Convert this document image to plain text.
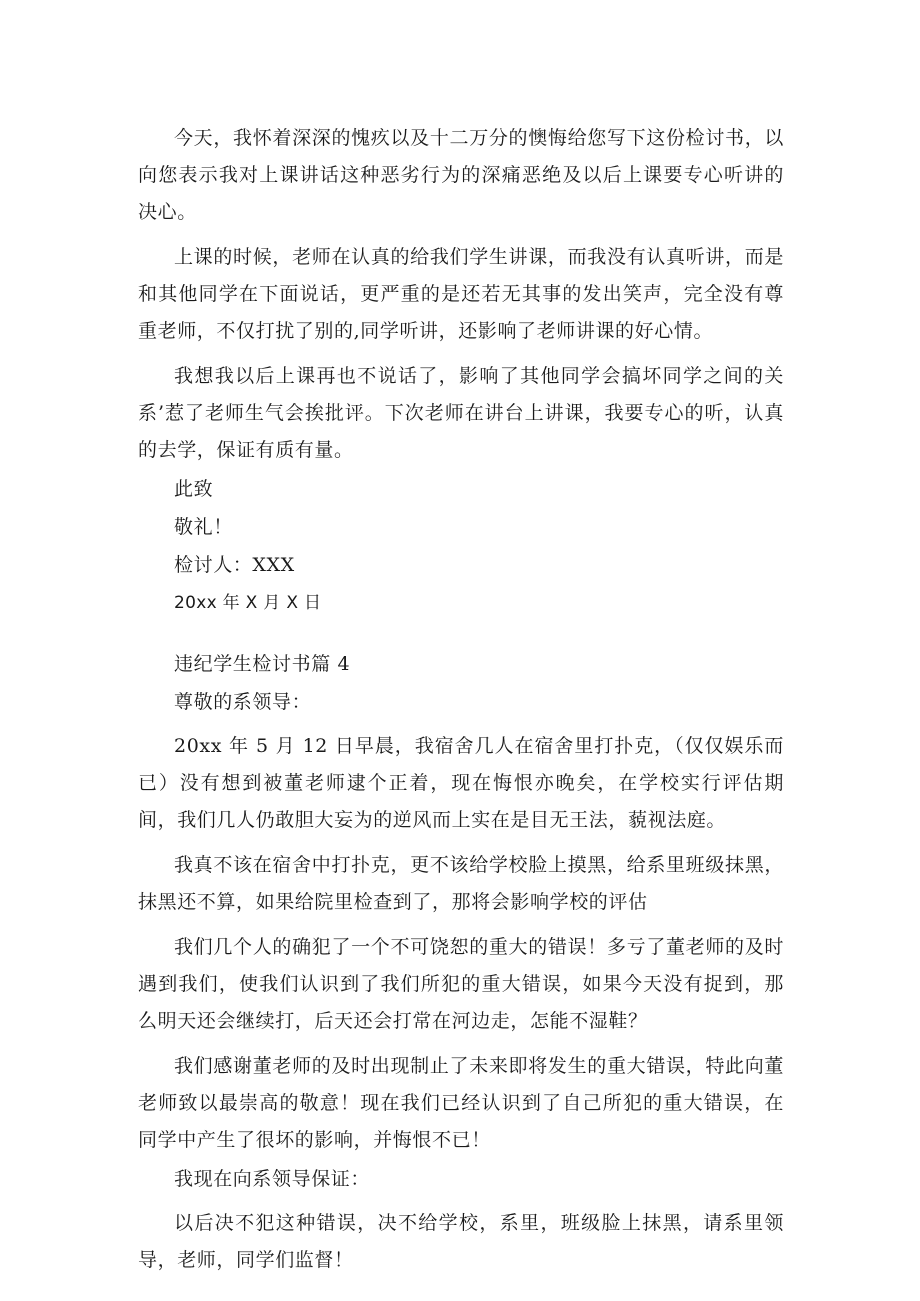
今天，我怀着深深的愧疚以及十二万分的懊悔给您写下这份检讨书，以向您表示我对上课讲话这种恶劣行为的深痛恶绝及以后上课要专心听讲的决心。

上课的时候，老师在认真的给我们学生讲课，而我没有认真听讲，而是和其他同学在下面说话，更严重的是还若无其事的发出笑声，完全没有尊重老师，不仅打扰了别的,同学听讲，还影响了老师讲课的好心情。

我想我以后上课再也不说话了，影响了其他同学会搞坏同学之间的关系’惹了老师生气会挨批评。下次老师在讲台上讲课，我要专心的听，认真的去学，保证有质有量。

此致

敬礼！

检讨人：XXX

20xx 年 X 月 X 日

违纪学生检讨书篇 4

尊敬的系领导：

20xx 年 5 月 12 日早晨，我宿舍几人在宿舍里打扑克，（仅仅娱乐而已）没有想到被董老师逮个正着，现在悔恨亦晚矣，在学校实行评估期间，我们几人仍敢胆大妄为的逆风而上实在是目无王法，藐视法庭。

我真不该在宿舍中打扑克，更不该给学校脸上摸黑，给系里班级抹黑，抹黑还不算，如果给院里检查到了，那将会影响学校的评估

我们几个人的确犯了一个不可饶恕的重大的错误！多亏了董老师的及时遇到我们，使我们认识到了我们所犯的重大错误，如果今天没有捉到，那么明天还会继续打，后天还会打常在河边走，怎能不湿鞋？

我们感谢董老师的及时出现制止了未来即将发生的重大错误，特此向董老师致以最崇高的敬意！现在我们已经认识到了自己所犯的重大错误，在同学中产生了很坏的影响，并悔恨不已！

我现在向系领导保证：

以后决不犯这种错误，决不给学校，系里，班级脸上抹黑，请系里领导，老师，同学们监督！
